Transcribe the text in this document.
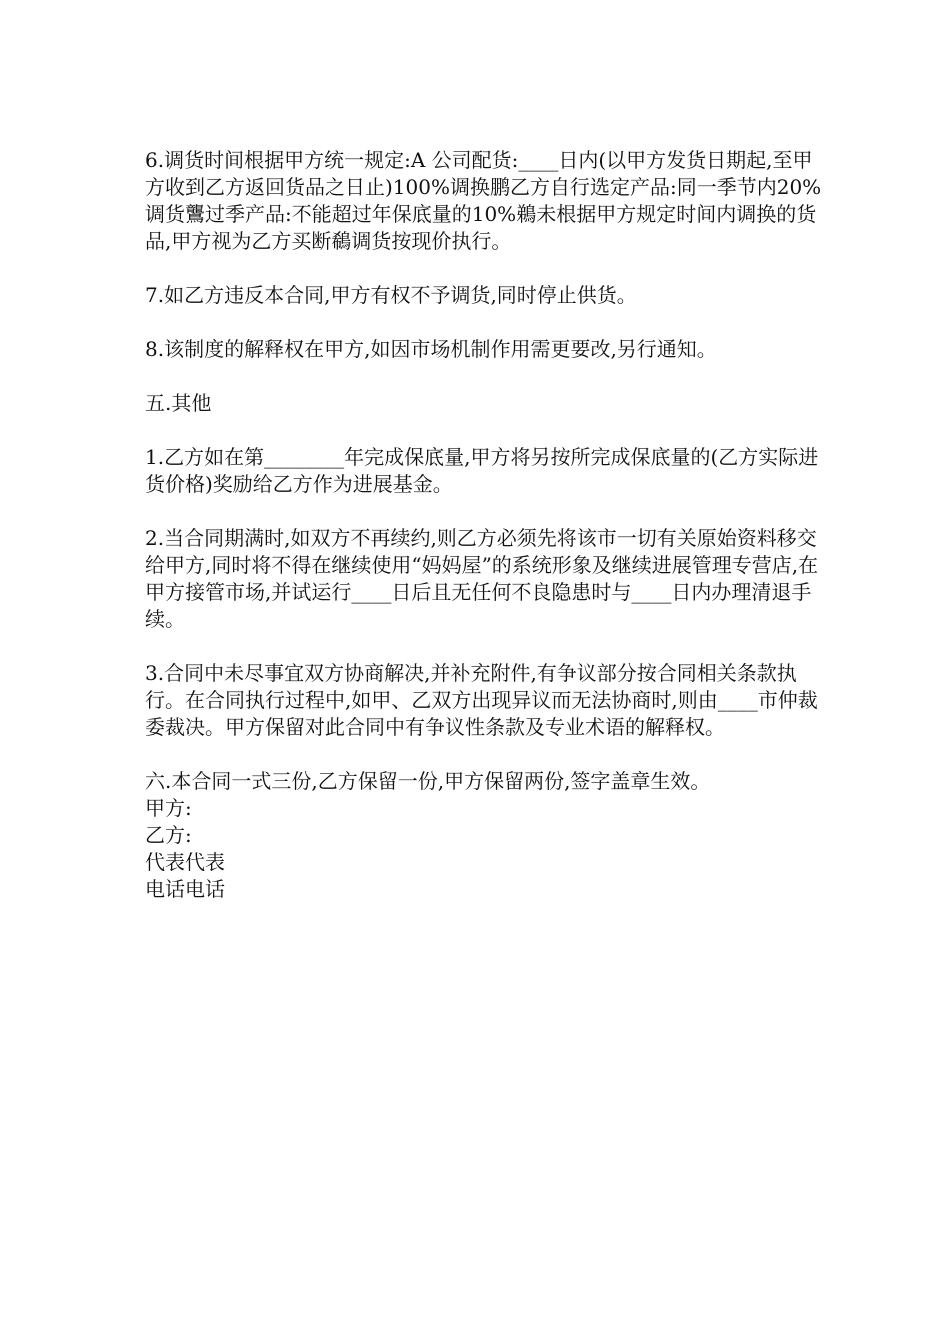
6.调货时间根据甲方统一规定:A 公司配货:____日内(以甲方发货日期起,至甲方收到乙方返回货品之日止)100%调换鹏乙方自行选定产品:同一季节内20%调货鸗过季产品:不能超过年保底量的10%鵜未根据甲方规定时间内调换的货品,甲方视为乙方买断鵗调货按现价执行。

7.如乙方违反本合同,甲方有权不予调货,同时停止供货。

8.该制度的解释权在甲方,如因市场机制作用需更要改,另行通知。

五.其他

1.乙方如在第________年完成保底量,甲方将另按所完成保底量的(乙方实际进货价格)奖励给乙方作为进展基金。

2.当合同期满时,如双方不再续约,则乙方必须先将该市一切有关原始资料移交给甲方,同时将不得在继续使用“妈妈屋”的系统形象及继续进展管理专营店,在甲方接管市场,并试运行____日后且无任何不良隐患时与____日内办理清退手续。

3.合同中未尽事宜双方协商解决,并补充附件,有争议部分按合同相关条款执行。在合同执行过程中,如甲、乙双方出现异议而无法协商时,则由____市仲裁委裁决。甲方保留对此合同中有争议性条款及专业术语的解释权。

六.本合同一式三份,乙方保留一份,甲方保留两份,签字盖章生效。

甲方:

乙方:

代表代表

电话电话
